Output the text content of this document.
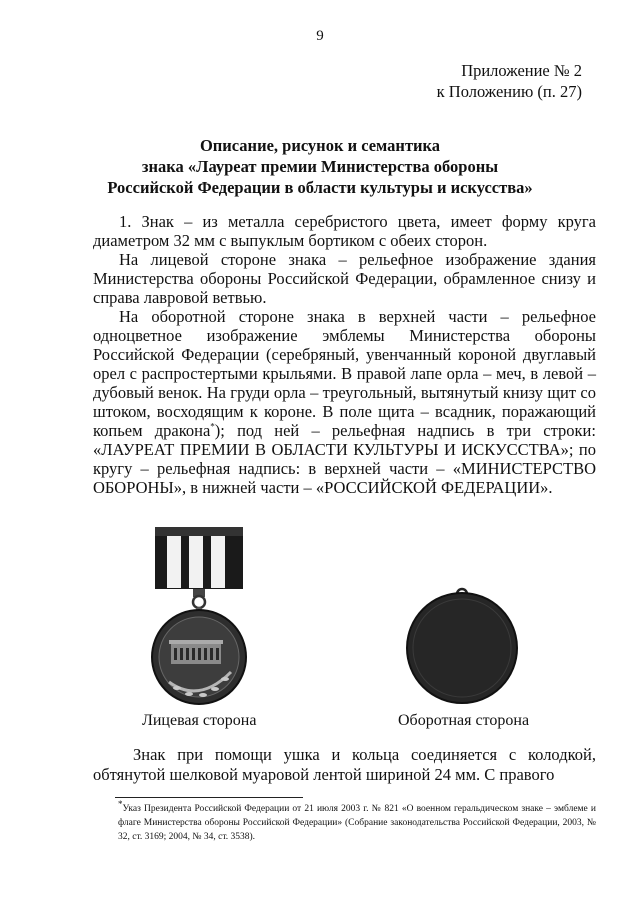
9
Приложение № 2
к Положению (п. 27)
Описание, рисунок и семантика
знака «Лауреат премии Министерства обороны
Российской Федерации в области культуры и искусства»

1. Знак – из металла серебристого цвета, имеет форму круга диаметром 32 мм с выпуклым бортиком с обеих сторон.

На лицевой стороне знака – рельефное изображение здания Министерства обороны Российской Федерации, обрамленное снизу и справа лавровой ветвью.

На оборотной стороне знака в верхней части – рельефное одноцветное изображение эмблемы Министерства обороны Российской Федерации (серебряный, увенчанный короной двуглавый орел с распростертыми крыльями. В правой лапе орла – меч, в левой – дубовый венок. На груди орла – треугольный, вытянутый книзу щит со штоком, восходящим к короне. В поле щита – всадник, поражающий копьем дракона*); под ней – рельефная надпись в три строки: «ЛАУРЕАТ ПРЕМИИ В ОБЛАСТИ КУЛЬТУРЫ И ИСКУССТВА»; по кругу – рельефная надпись: в верхней части – «МИНИСТЕРСТВО ОБОРОНЫ», в нижней части – «РОССИЙСКОЙ ФЕДЕРАЦИИ».

Лицевая сторона	Оборотная сторона

Знак при помощи ушка и кольца соединяется с колодкой, обтянутой шелковой муаровой лентой шириной 24 мм. С правого

*Указ Президента Российской Федерации от 21 июля 2003 г. № 821 «О военном геральдическом знаке – эмблеме и флаге Министерства обороны Российской Федерации» (Собрание законодательства Российской Федерации, 2003, № 32, ст. 3169; 2004, № 34, ст. 3538).
